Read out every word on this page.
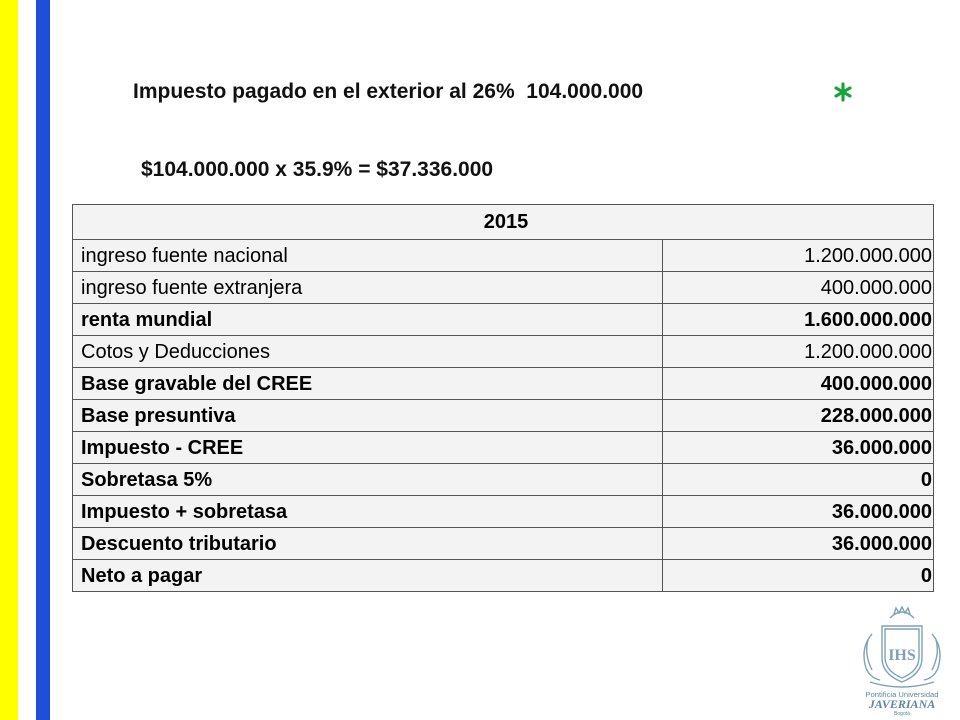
Impuesto pagado en el exterior al 26%  104.000.000
$104.000.000 x 35.9% = $37.336.000
2015	
ingreso fuente nacional	1.200.000.000
ingreso fuente extranjera	400.000.000
renta mundial	1.600.000.000
Cotos y Deducciones	1.200.000.000
Base gravable del CREE	400.000.000
Base presuntiva	228.000.000
Impuesto - CREE	36.000.000
Sobretasa 5%	0
Impuesto + sobretasa	36.000.000
Descuento tributario	36.000.000
Neto a pagar	0
IHS
Pontificia Universidad
JAVERIANA
Bogotá
